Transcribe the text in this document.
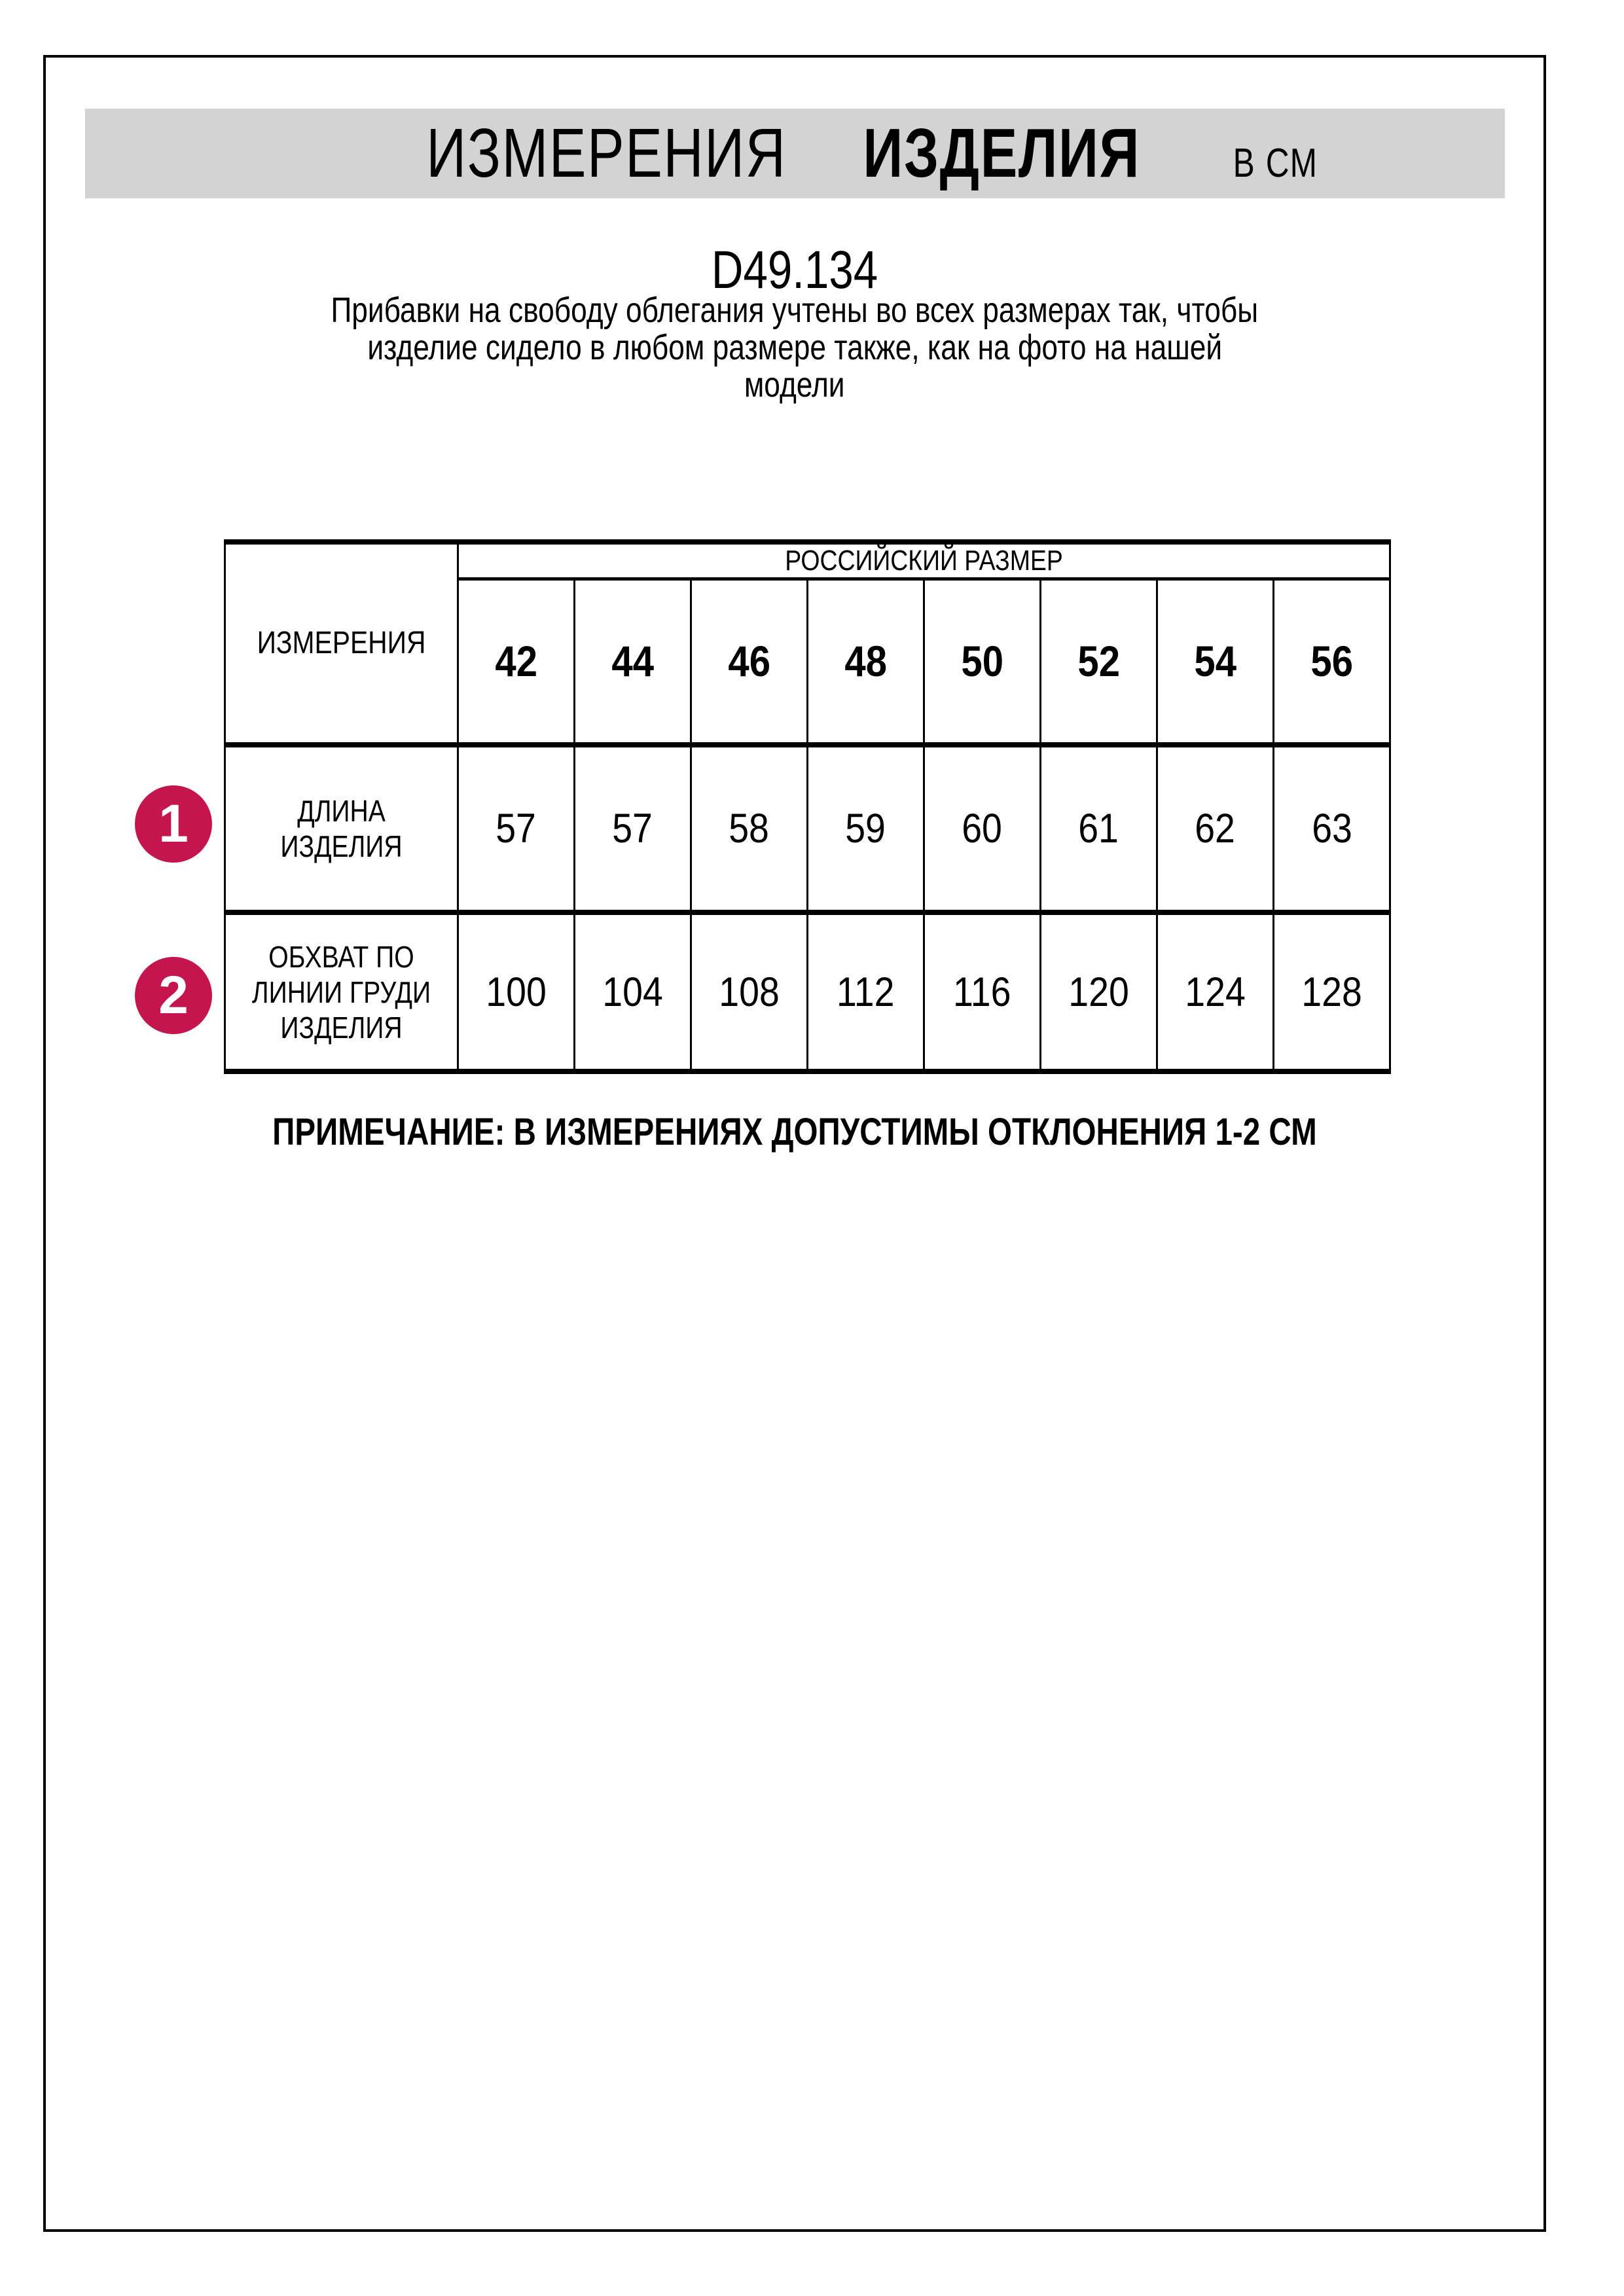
ИЗМЕРЕНИЯ ИЗДЕЛИЯ В СМ
D49.134
Прибавки на свободу облегания учтены во всех размерах так, чтобы
изделие сидело в любом размере также, как на фото на нашей
модели
ИЗМЕРЕНИЯ	РОССИЙСКИЙ РАЗМЕР							

	42	44	46	48	50	52	54	56

ДЛИНА
ИЗДЕЛИЯ	57	57	58	59	60	61	62	63

ОБХВАТ ПО
ЛИНИИ ГРУДИ
ИЗДЕЛИЯ	100	104	108	112	116	120	124	128
1
2
ПРИМЕЧАНИЕ: В ИЗМЕРЕНИЯХ ДОПУСТИМЫ ОТКЛОНЕНИЯ 1-2 СМ
